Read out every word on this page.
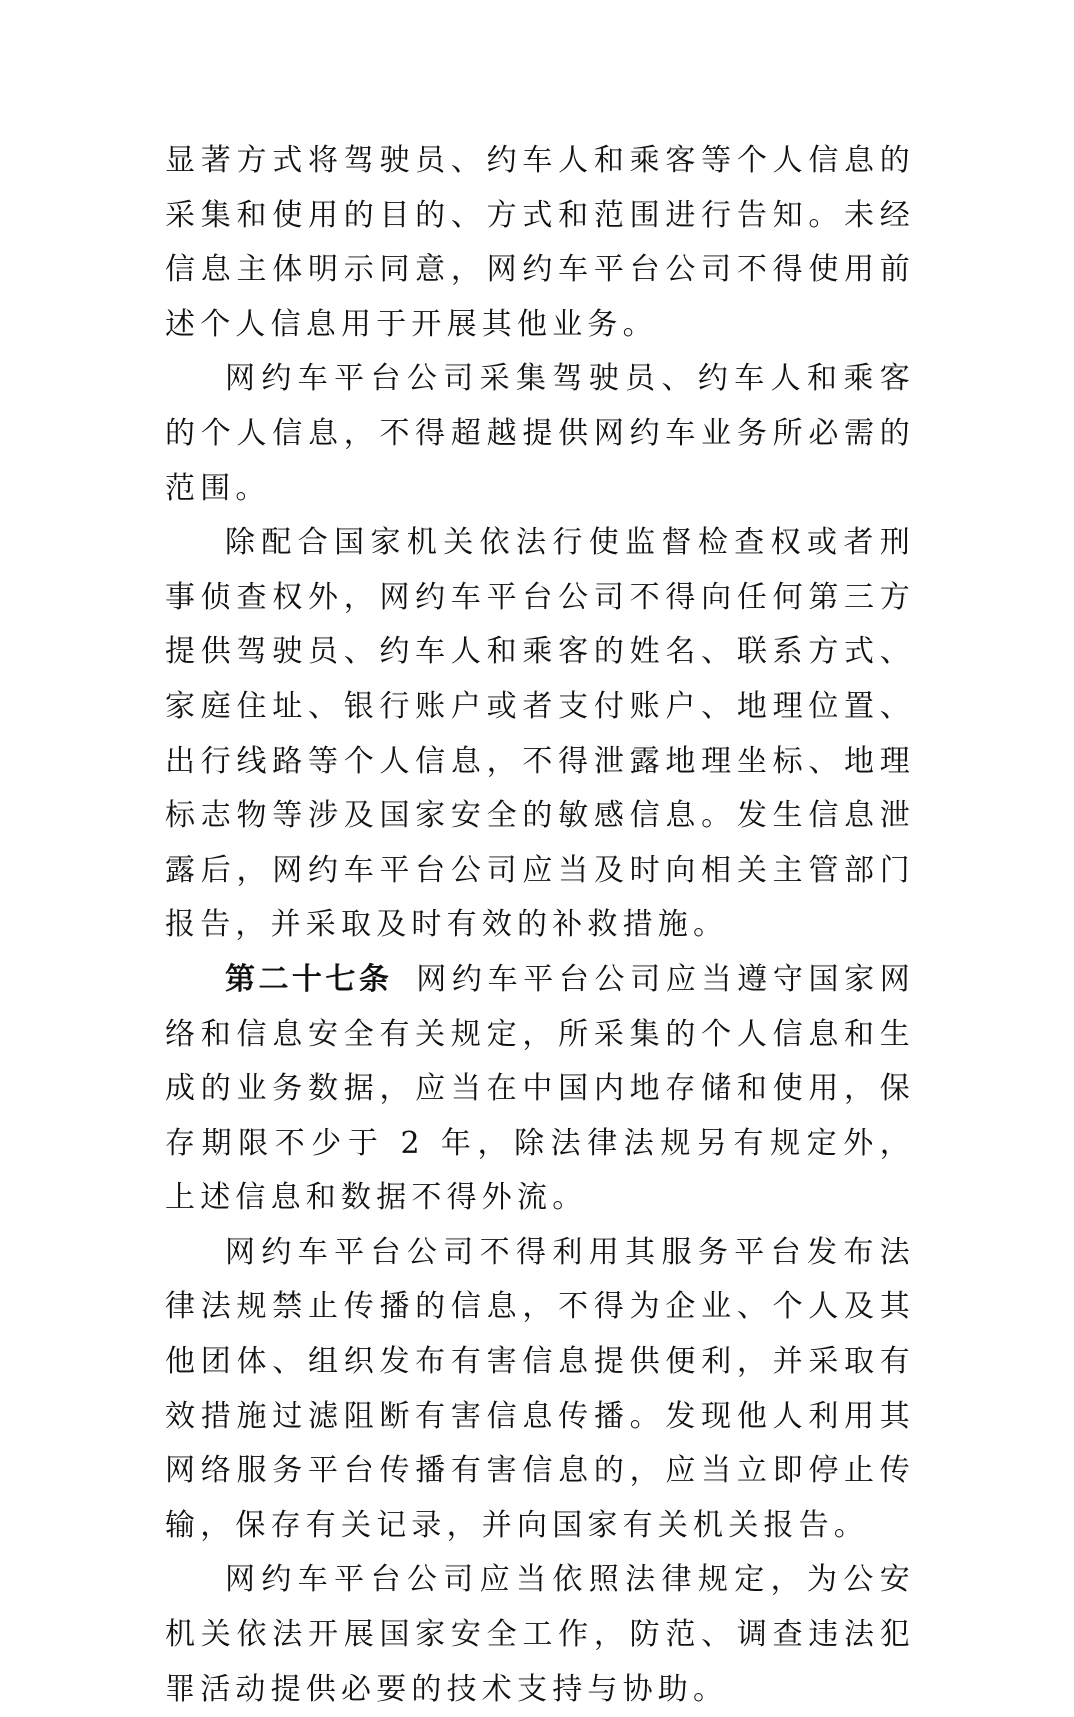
显著方式将驾驶员、约车人和乘客等个人信息的采集和使用的目的、方式和范围进行告知。未经信息主体明示同意，网约车平台公司不得使用前述个人信息用于开展其他业务。

网约车平台公司采集驾驶员、约车人和乘客的个人信息，不得超越提供网约车业务所必需的范围。

除配合国家机关依法行使监督检查权或者刑事侦查权外，网约车平台公司不得向任何第三方提供驾驶员、约车人和乘客的姓名、联系方式、家庭住址、银行账户或者支付账户、地理位置、出行线路等个人信息，不得泄露地理坐标、地理标志物等涉及国家安全的敏感信息。发生信息泄露后，网约车平台公司应当及时向相关主管部门报告，并采取及时有效的补救措施。

第二十七条 网约车平台公司应当遵守国家网络和信息安全有关规定，所采集的个人信息和生成的业务数据，应当在中国内地存储和使用，保存期限不少于 2 年，除法律法规另有规定外，上述信息和数据不得外流。

网约车平台公司不得利用其服务平台发布法律法规禁止传播的信息，不得为企业、个人及其他团体、组织发布有害信息提供便利，并采取有效措施过滤阻断有害信息传播。发现他人利用其网络服务平台传播有害信息的，应当立即停止传输，保存有关记录，并向国家有关机关报告。

网约车平台公司应当依照法律规定，为公安机关依法开展国家安全工作，防范、调查违法犯罪活动提供必要的技术支持与协助。
